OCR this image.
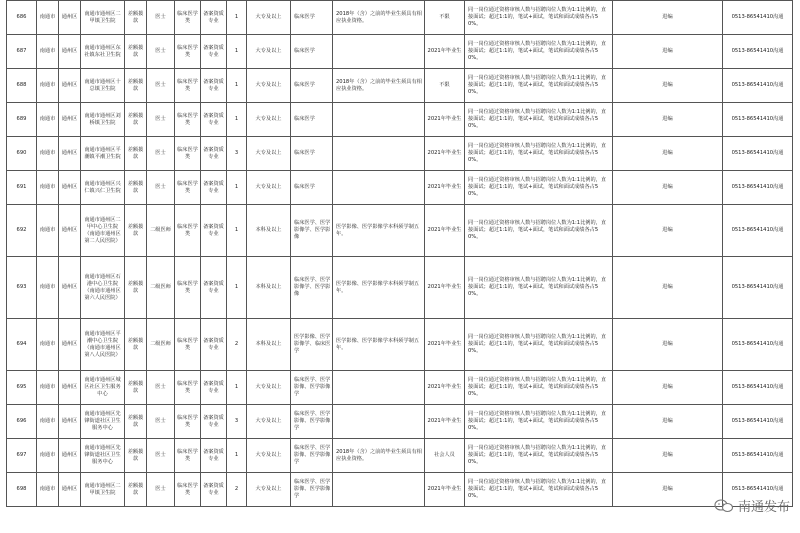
686	南通市	通州区	南通市通州区二甲镇卫生院	差额拨款	医士	临床医学类	备案资质专业	1	大专及以上	临床医学	2018年（含）之前的毕业生须具有相应执业资格。	不限	同一岗位通过资格审核人数与招聘岗位人数为1:1比例的，直接面试；超过1:1的，笔试+面试，笔试和面试成绩各占50%。	进编	0513-86541410沟通
687	南通市	通州区	南通市通州区东社镇东社卫生院	差额拨款	医士	临床医学类	备案资质专业	1	大专及以上	临床医学		2021年毕业生	同一岗位通过资格审核人数与招聘岗位人数为1:1比例的，直接面试；超过1:1的，笔试+面试，笔试和面试成绩各占50%。	进编	0513-86541410沟通
688	南通市	通州区	南通市通州区十总镇卫生院	差额拨款	医士	临床医学类	备案资质专业	1	大专及以上	临床医学	2018年（含）之前的毕业生须具有相应执业资格。	不限	同一岗位通过资格审核人数与招聘岗位人数为1:1比例的，直接面试；超过1:1的，笔试+面试，笔试和面试成绩各占50%。	进编	0513-86541410沟通
689	南通市	通州区	南通市通州区刘桥镇卫生院	差额拨款	医士	临床医学类	备案资质专业	1	大专及以上	临床医学		2021年毕业生	同一岗位通过资格审核人数与招聘岗位人数为1:1比例的，直接面试；超过1:1的，笔试+面试，笔试和面试成绩各占50%。	进编	0513-86541410沟通
690	南通市	通州区	南通市通州区平潮镇平潮卫生院	差额拨款	医士	临床医学类	备案资质专业	3	大专及以上	临床医学		2021年毕业生	同一岗位通过资格审核人数与招聘岗位人数为1:1比例的，直接面试；超过1:1的，笔试+面试，笔试和面试成绩各占50%。	进编	0513-86541410沟通
691	南通市	通州区	南通市通州区兴仁镇兴仁卫生院	差额拨款	医士	临床医学类	备案资质专业	1	大专及以上	临床医学		2021年毕业生	同一岗位通过资格审核人数与招聘岗位人数为1:1比例的，直接面试；超过1:1的，笔试+面试，笔试和面试成绩各占50%。	进编	0513-86541410沟通
692	南通市	通州区	南通市通州区二甲中心卫生院（南通市通州区第二人民医院）	差额拨款	二级医师	临床医学类	备案资质专业	1	本科及以上	临床医学、医学影像学、医学影像	医学影像、医学影像学本科须学制五年。	2021年毕业生	同一岗位通过资格审核人数与招聘岗位人数为1:1比例的，直接面试；超过1:1的，笔试+面试，笔试和面试成绩各占50%。	进编	0513-86541410沟通
693	南通市	通州区	南通市通州区石港中心卫生院（南通市通州区第六人民医院）	差额拨款	二级医师	临床医学类	备案资质专业	1	本科及以上	临床医学、医学影像学、医学影像	医学影像、医学影像学本科须学制五年。	2021年毕业生	同一岗位通过资格审核人数与招聘岗位人数为1:1比例的，直接面试；超过1:1的，笔试+面试，笔试和面试成绩各占50%。	进编	0513-86541410沟通
694	南通市	通州区	南通市通州区平潮中心卫生院（南通市通州区第八人民医院）	差额拨款	二级医师	临床医学类	备案资质专业	2	本科及以上	医学影像、医学影像学、临床医学	医学影像、医学影像学本科须学制五年。	2021年毕业生	同一岗位通过资格审核人数与招聘岗位人数为1:1比例的，直接面试；超过1:1的，笔试+面试，笔试和面试成绩各占50%。	进编	0513-86541410沟通
695	南通市	通州区	南通市通州区城区社区卫生服务中心	差额拨款	医士	临床医学类	备案资质专业	1	大专及以上	临床医学、医学影像、医学影像学		2021年毕业生	同一岗位通过资格审核人数与招聘岗位人数为1:1比例的，直接面试；超过1:1的，笔试+面试，笔试和面试成绩各占50%。	进编	0513-86541410沟通
696	南通市	通州区	南通市通州区先锋街道社区卫生服务中心	差额拨款	医士	临床医学类	备案资质专业	3	大专及以上	临床医学、医学影像、医学影像学		2021年毕业生	同一岗位通过资格审核人数与招聘岗位人数为1:1比例的，直接面试；超过1:1的，笔试+面试，笔试和面试成绩各占50%。	进编	0513-86541410沟通
697	南通市	通州区	南通市通州区先锋街道社区卫生服务中心	差额拨款	医士	临床医学类	备案资质专业	1	大专及以上	临床医学、医学影像、医学影像学	2018年（含）之前的毕业生须具有相应执业资格。	社会人员	同一岗位通过资格审核人数与招聘岗位人数为1:1比例的，直接面试；超过1:1的，笔试+面试，笔试和面试成绩各占50%。	进编	0513-86541410沟通
698	南通市	通州区	南通市通州区二甲镇卫生院	差额拨款	医士	临床医学类	备案资质专业	2	大专及以上	临床医学、医学影像、医学影像学		2021年毕业生	同一岗位通过资格审核人数与招聘岗位人数为1:1比例的，直接面试；超过1:1的，笔试+面试，笔试和面试成绩各占50%。	进编	0513-86541410沟通
南通发布
